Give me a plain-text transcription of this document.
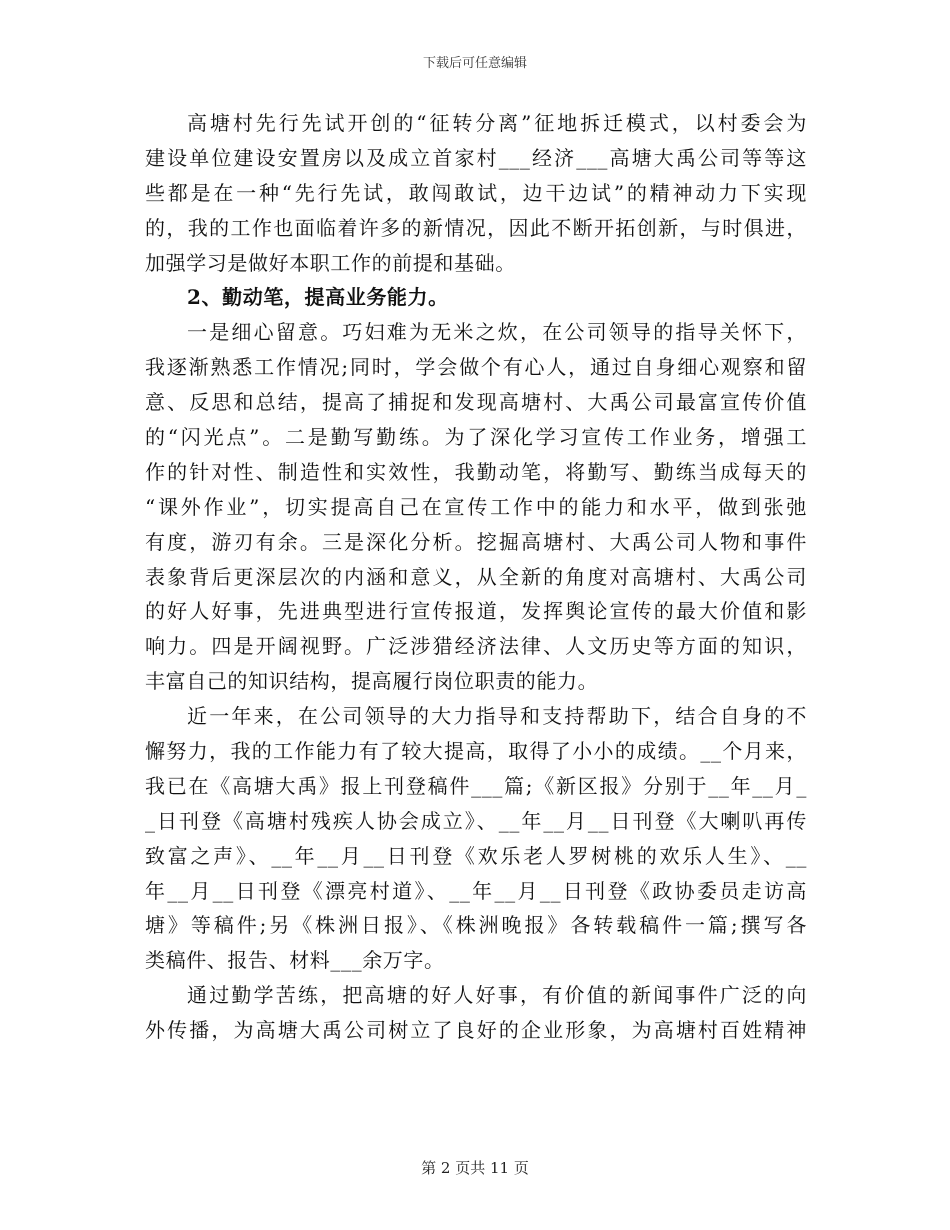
下载后可任意编辑
高塘村先行先试开创的“征转分离”征地拆迁模式，以村委会为
建设单位建设安置房以及成立首家村___经济___高塘大禹公司等等这
些都是在一种“先行先试，敢闯敢试，边干边试”的精神动力下实现
的，我的工作也面临着许多的新情况，因此不断开拓创新，与时俱进，
加强学习是做好本职工作的前提和基础。
2、勤动笔，提高业务能力。
一是细心留意。巧妇难为无米之炊，在公司领导的指导关怀下，
我逐渐熟悉工作情况;同时，学会做个有心人，通过自身细心观察和留
意、反思和总结，提高了捕捉和发现高塘村、大禹公司最富宣传价值
的“闪光点”。二是勤写勤练。为了深化学习宣传工作业务，增强工
作的针对性、制造性和实效性，我勤动笔，将勤写、勤练当成每天的
“课外作业”，切实提高自己在宣传工作中的能力和水平，做到张弛
有度，游刃有余。三是深化分析。挖掘高塘村、大禹公司人物和事件
表象背后更深层次的内涵和意义，从全新的角度对高塘村、大禹公司
的好人好事，先进典型进行宣传报道，发挥舆论宣传的最大价值和影
响力。四是开阔视野。广泛涉猎经济法律、人文历史等方面的知识，
丰富自己的知识结构，提高履行岗位职责的能力。
近一年来，在公司领导的大力指导和支持帮助下，结合自身的不
懈努力，我的工作能力有了较大提高，取得了小小的成绩。__个月来，
我已在《高塘大禹》报上刊登稿件___篇;《新区报》分别于__年__月_
_日刊登《高塘村残疾人协会成立》、__年__月__日刊登《大喇叭再传
致富之声》、__年__月__日刊登《欢乐老人罗树桃的欢乐人生》、__
年__月__日刊登《漂亮村道》、__年__月__日刊登《政协委员走访高
塘》等稿件;另《株洲日报》、《株洲晚报》各转载稿件一篇;撰写各
类稿件、报告、材料___余万字。
通过勤学苦练，把高塘的好人好事，有价值的新闻事件广泛的向
外传播，为高塘大禹公司树立了良好的企业形象，为高塘村百姓精神
第 2 页共 11 页
